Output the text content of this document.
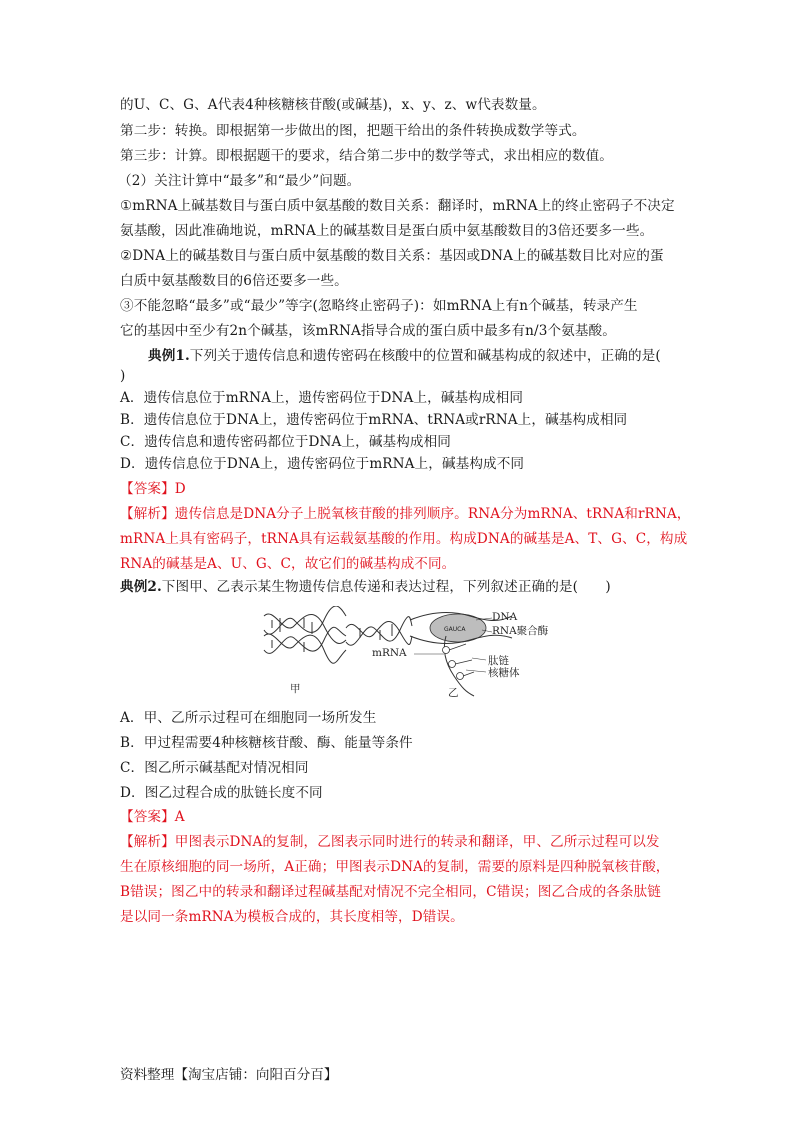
的U、C、G、A代表4种核糖核苷酸(或碱基)，x、y、z、w代表数量。
第二步：转换。即根据第一步做出的图，把题干给出的条件转换成数学等式。
第三步：计算。即根据题干的要求，结合第二步中的数学等式，求出相应的数值。
（2）关注计算中“最多”和“最少”问题。
①mRNA上碱基数目与蛋白质中氨基酸的数目关系：翻译时，mRNA上的终止密码子不决定
氨基酸，因此准确地说，mRNA上的碱基数目是蛋白质中氨基酸数目的3倍还要多一些。
②DNA上的碱基数目与蛋白质中氨基酸的数目关系：基因或DNA上的碱基数目比对应的蛋
白质中氨基酸数目的6倍还要多一些。
③不能忽略“最多”或“最少”等字(忽略终止密码子)：如mRNA上有n个碱基，转录产生
它的基因中至少有2n个碱基，该mRNA指导合成的蛋白质中最多有n/3个氨基酸。
典例1.下列关于遗传信息和遗传密码在核酸中的位置和碱基构成的叙述中，正确的是(
)
A．遗传信息位于mRNA上，遗传密码位于DNA上，碱基构成相同
B．遗传信息位于DNA上，遗传密码位于mRNA、tRNA或rRNA上，碱基构成相同
C．遗传信息和遗传密码都位于DNA上，碱基构成相同
D．遗传信息位于DNA上，遗传密码位于mRNA上，碱基构成不同
【答案】D
【解析】遗传信息是DNA分子上脱氧核苷酸的排列顺序。RNA分为mRNA、tRNA和rRNA，
mRNA上具有密码子，tRNA具有运载氨基酸的作用。构成DNA的碱基是A、T、G、C，构成
RNA的碱基是A、U、G、C，故它们的碱基构成不同。
典例2.下图甲、乙表示某生物遗传信息传递和表达过程，下列叙述正确的是(　　)
甲
GAUCA
DNA
RNA聚合酶
mRNA
肽链
核糖体
乙
A．甲、乙所示过程可在细胞同一场所发生
B．甲过程需要4种核糖核苷酸、酶、能量等条件
C．图乙所示碱基配对情况相同
D．图乙过程合成的肽链长度不同
【答案】A
【解析】甲图表示DNA的复制，乙图表示同时进行的转录和翻译，甲、乙所示过程可以发
生在原核细胞的同一场所，A正确；甲图表示DNA的复制，需要的原料是四种脱氧核苷酸，
B错误；图乙中的转录和翻译过程碱基配对情况不完全相同，C错误；图乙合成的各条肽链
是以同一条mRNA为模板合成的，其长度相等，D错误。
资料整理【淘宝店铺：向阳百分百】
